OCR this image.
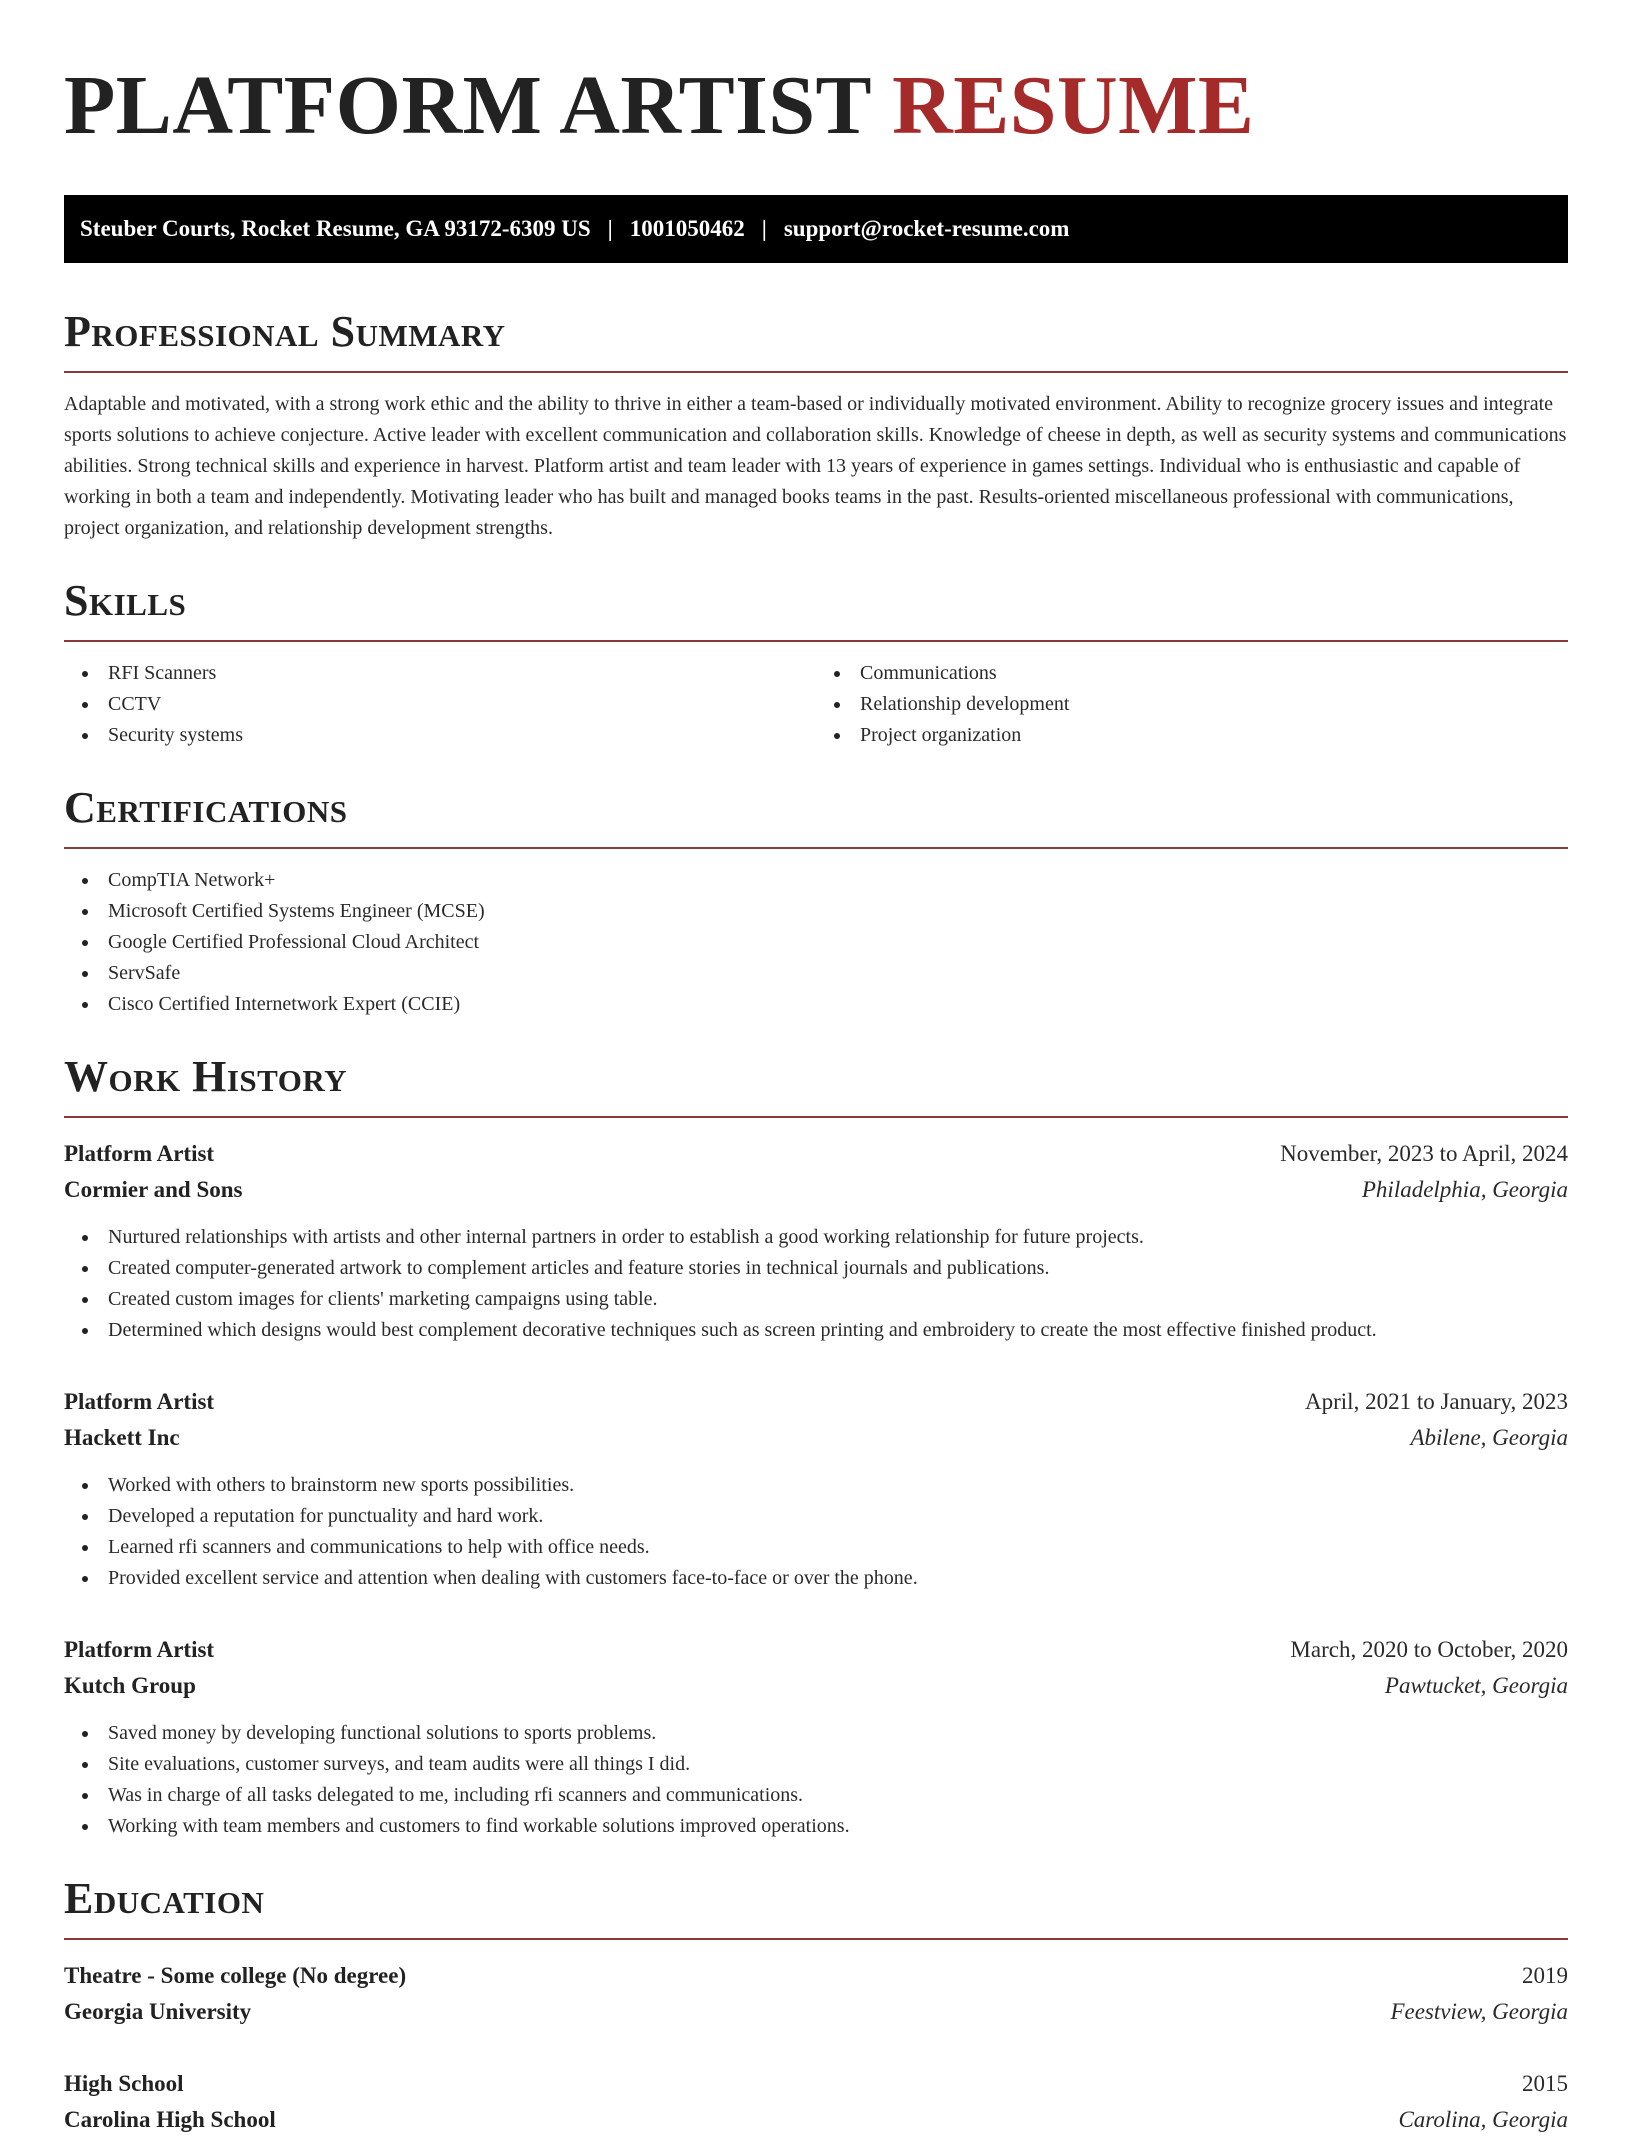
PLATFORM ARTIST RESUME
Steuber Courts, Rocket Resume, GA 93172-6309 US | 1001050462 | support@rocket-resume.com
Professional Summary

Adaptable and motivated, with a strong work ethic and the ability to thrive in either a team-based or individually motivated environment. Ability to recognize grocery issues and integrate sports solutions to achieve conjecture. Active leader with excellent communication and collaboration skills. Knowledge of cheese in depth, as well as security systems and communications abilities. Strong technical skills and experience in harvest. Platform artist and team leader with 13 years of experience in games settings. Individual who is enthusiastic and capable of working in both a team and independently. Motivating leader who has built and managed books teams in the past. Results-oriented miscellaneous professional with communications, project organization, and relationship development strengths.

Skills
RFI Scanners
CCTV
Security systems
Communications
Relationship development
Project organization
Certifications
CompTIA Network+
Microsoft Certified Systems Engineer (MCSE)
Google Certified Professional Cloud Architect
ServSafe
Cisco Certified Internetwork Expert (CCIE)
Work History
Platform Artist	November, 2023 to April, 2024
Cormier and Sons	Philadelphia, Georgia
Nurtured relationships with artists and other internal partners in order to establish a good working relationship for future projects.
Created computer-generated artwork to complement articles and feature stories in technical journals and publications.
Created custom images for clients' marketing campaigns using table.
Determined which designs would best complement decorative techniques such as screen printing and embroidery to create the most effective finished product.
Platform Artist	April, 2021 to January, 2023
Hackett Inc	Abilene, Georgia
Worked with others to brainstorm new sports possibilities.
Developed a reputation for punctuality and hard work.
Learned rfi scanners and communications to help with office needs.
Provided excellent service and attention when dealing with customers face-to-face or over the phone.
Platform Artist	March, 2020 to October, 2020
Kutch Group	Pawtucket, Georgia
Saved money by developing functional solutions to sports problems.
Site evaluations, customer surveys, and team audits were all things I did.
Was in charge of all tasks delegated to me, including rfi scanners and communications.
Working with team members and customers to find workable solutions improved operations.
Education
Theatre - Some college (No degree)	2019
Georgia University	Feestview, Georgia
High School	2015
Carolina High School	Carolina, Georgia
